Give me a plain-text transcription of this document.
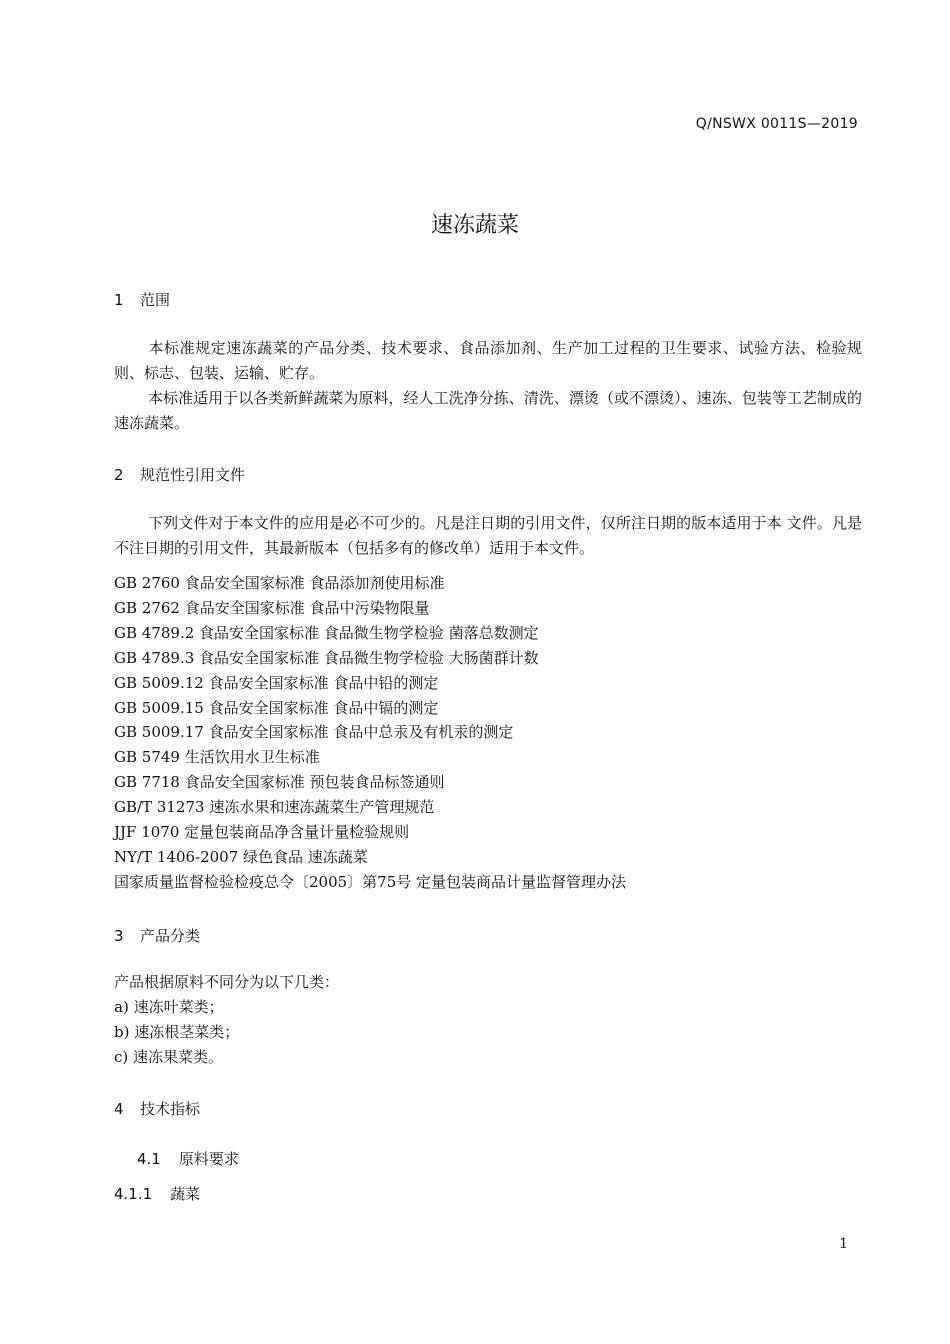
Q/NSWX 0011S—2019
速冻蔬菜
1 范围
本标准规定速冻蔬菜的产品分类、技术要求、食品添加剂、生产加工过程的卫生要求、试验方法、检验规则、标志、包装、运输、贮存。
本标准适用于以各类新鲜蔬菜为原料，经人工洗净分拣、清洗、漂烫（或不漂烫）、速冻、包装等工艺制成的速冻蔬菜。
2 规范性引用文件
下列文件对于本文件的应用是必不可少的。凡是注日期的引用文件，仅所注日期的版本适用于本 文件。凡是不注日期的引用文件，其最新版本（包括多有的修改单）适用于本文件。
GB 2760 食品安全国家标准 食品添加剂使用标准
GB 2762 食品安全国家标准 食品中污染物限量
GB 4789.2 食品安全国家标准 食品微生物学检验 菌落总数测定
GB 4789.3 食品安全国家标准 食品微生物学检验 大肠菌群计数
GB 5009.12 食品安全国家标准 食品中铅的测定
GB 5009.15 食品安全国家标准 食品中镉的测定
GB 5009.17 食品安全国家标准 食品中总汞及有机汞的测定
GB 5749 生活饮用水卫生标准
GB 7718 食品安全国家标准 预包装食品标签通则
GB/T 31273 速冻水果和速冻蔬菜生产管理规范
JJF 1070 定量包装商品净含量计量检验规则
NY/T 1406-2007 绿色食品 速冻蔬菜
国家质量监督检验检疫总令〔2005〕第75号 定量包装商品计量监督管理办法
3 产品分类
产品根据原料不同分为以下几类：
a) 速冻叶菜类；
b) 速冻根茎菜类；
c) 速冻果菜类。
4 技术指标
4.1 原料要求
4.1.1 蔬菜
1
